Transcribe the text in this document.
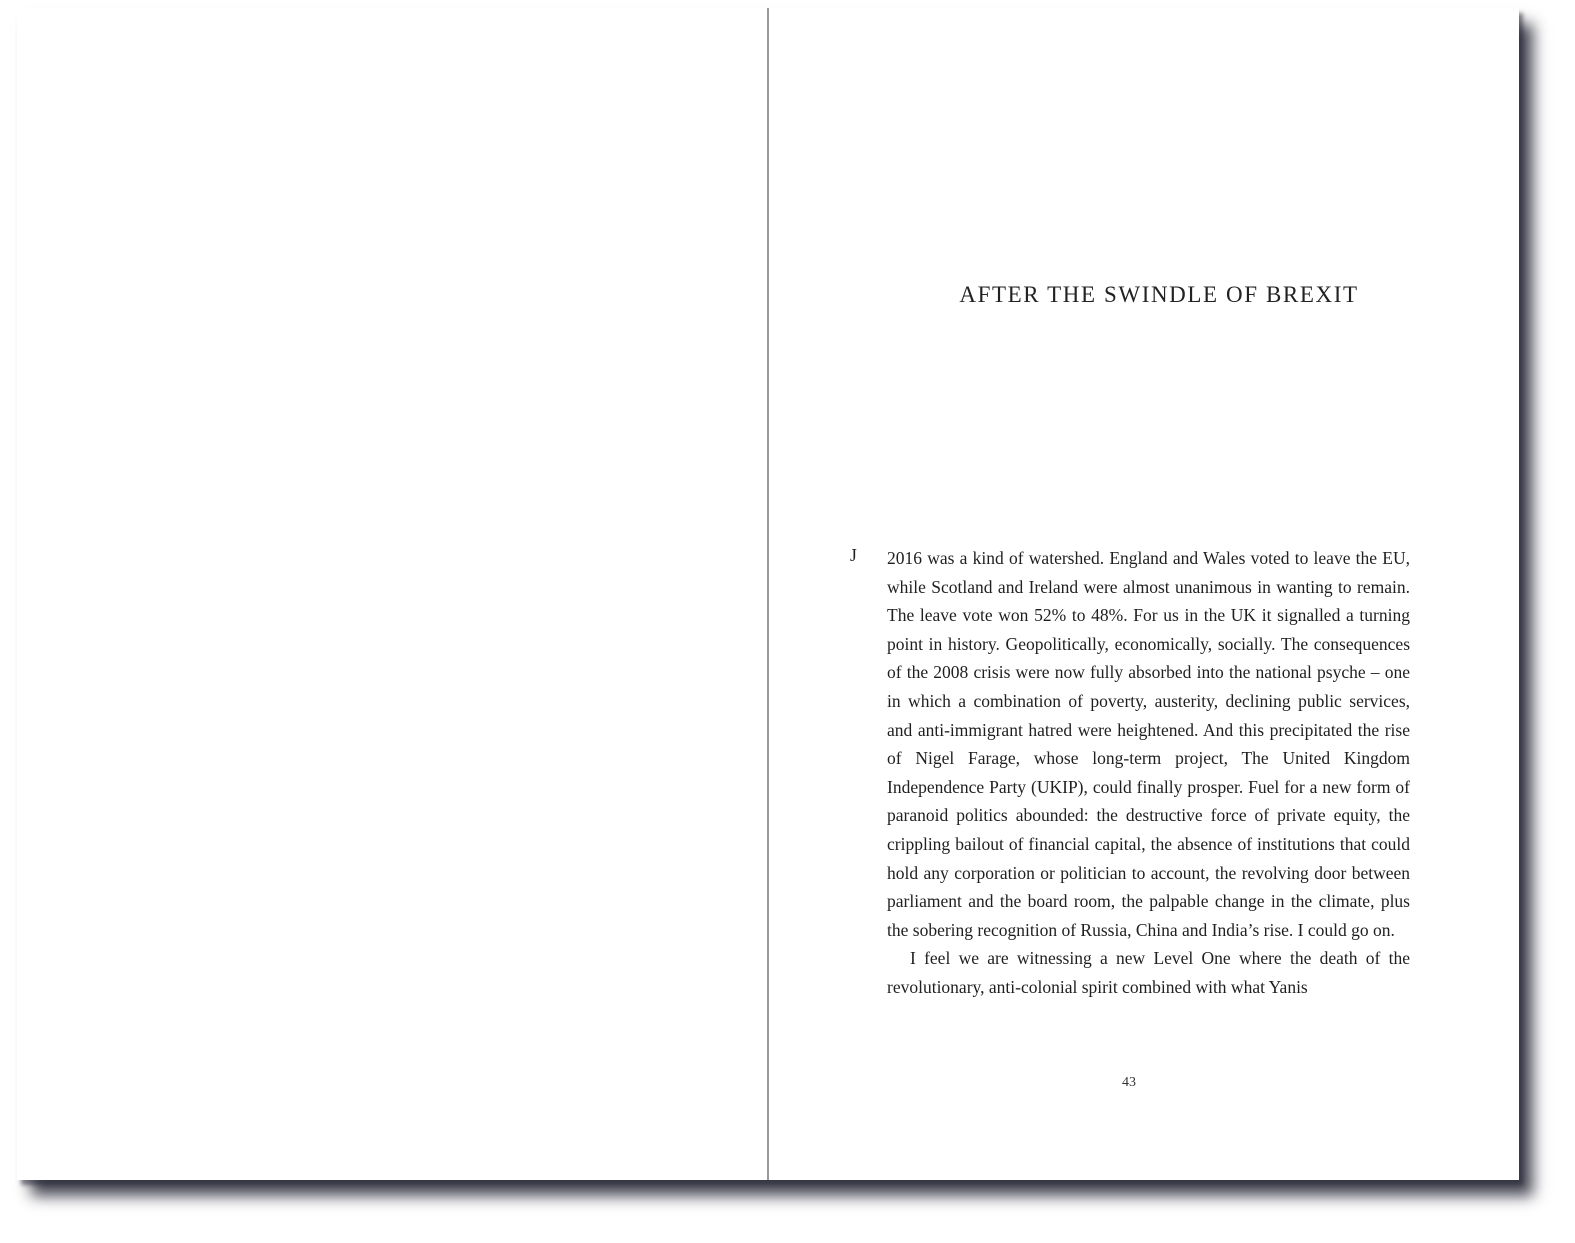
AFTER THE SWINDLE OF BREXIT
J 2016 was a kind of watershed. England and Wales voted to leave the EU, while Scotland and Ireland were almost unanimous in wanting to remain. The leave vote won 52% to 48%. For us in the UK it signalled a turning point in history. Geopolitically, economically, socially. The consequences of the 2008 crisis were now fully absorbed into the national psyche – one in which a combination of poverty, austerity, declining public services, and anti-immigrant hatred were heightened. And this precipitated the rise of Nigel Farage, whose long-term project, The United Kingdom Independence Party (UKIP), could finally prosper. Fuel for a new form of paranoid politics abounded: the destructive force of private equity, the crippling bailout of financial capital, the absence of institutions that could hold any corporation or politician to account, the revolving door between parliament and the board room, the palpable change in the climate, plus the sobering recognition of Russia, China and India’s rise. I could go on.

I feel we are witnessing a new Level One where the death of the revolutionary, anti-colonial spirit combined with what Yanis

43
